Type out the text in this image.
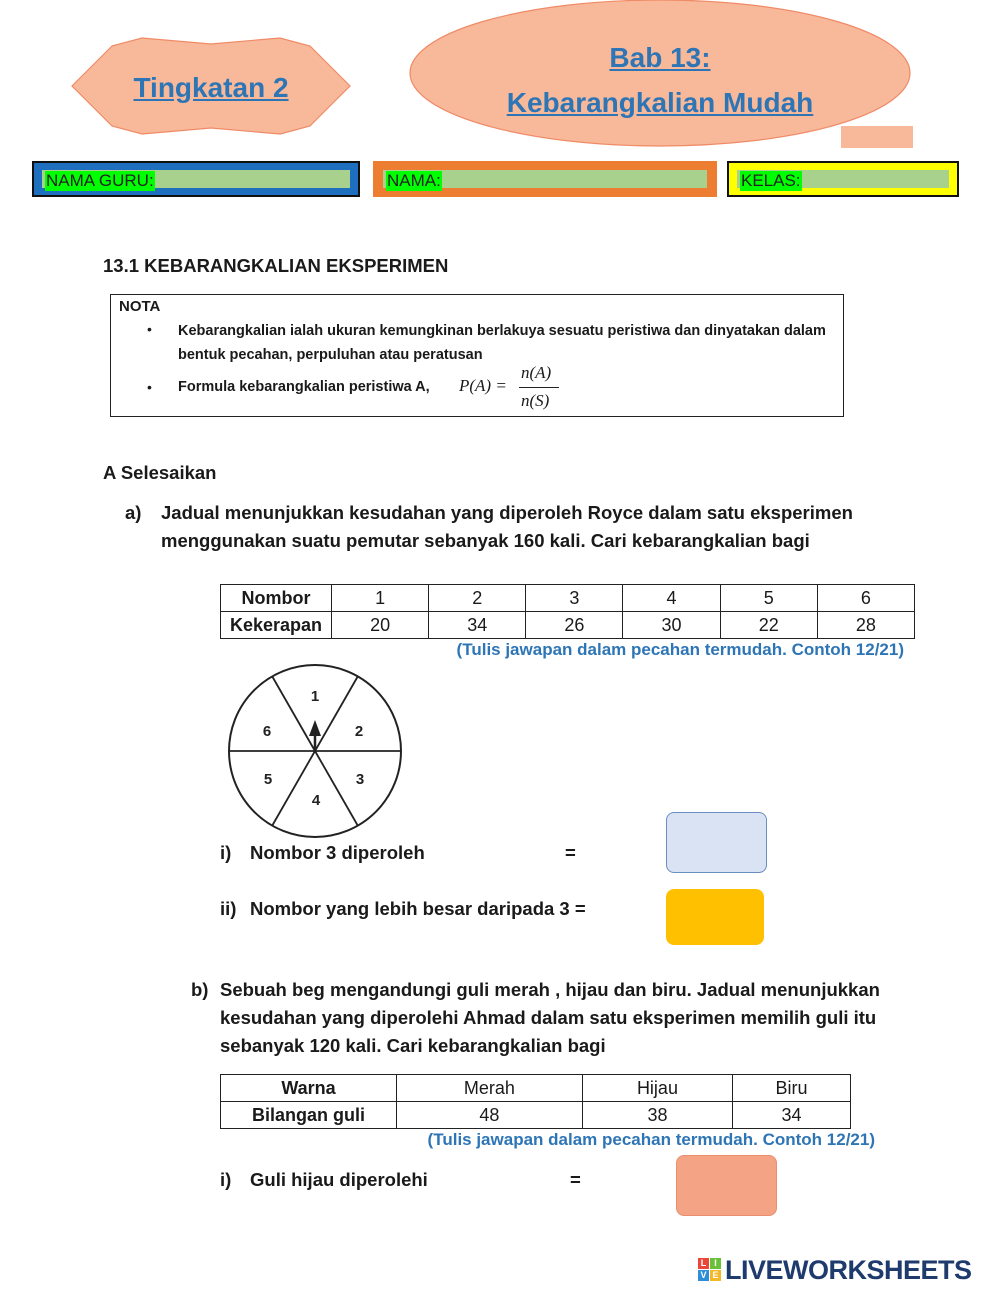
Tingkatan 2
Bab 13:
Kebarangkalian Mudah
NAMA GURU:	NAMA:	KELAS:
13.1 KEBARANGKALIAN EKSPERIMEN
NOTA
• Kebarangkalian ialah ukuran kemungkinan berlakuya sesuatu peristiwa dan dinyatakan dalam bentuk pecahan, perpuluhan atau peratusan
• Formula kebarangkalian peristiwa A, P(A) =
n(A)
n(S)
A Selesaikan
a) Jadual menunjukkan kesudahan yang diperoleh Royce dalam satu eksperimen menggunakan suatu pemutar sebanyak 160 kali. Cari kebarangkalian bagi
Nombor	1	2	3	4	5	6
Kekerapan	20	34	26	30	22	28
(Tulis jawapan dalam pecahan termudah. Contoh 12/21)
1
2
3
4
5
6
i) Nombor 3 diperoleh	=
ii) Nombor yang lebih besar daripada 3 =
b) Sebuah beg mengandungi guli merah , hijau dan biru. Jadual menunjukkan kesudahan yang diperolehi Ahmad dalam satu eksperimen memilih guli itu sebanyak 120 kali. Cari kebarangkalian bagi
Warna	Merah	Hijau	Biru
Bilangan guli	48	38	34
(Tulis jawapan dalam pecahan termudah. Contoh 12/21)
i) Guli hijau diperolehi	=
L I
V E LIVEWORKSHEETS
